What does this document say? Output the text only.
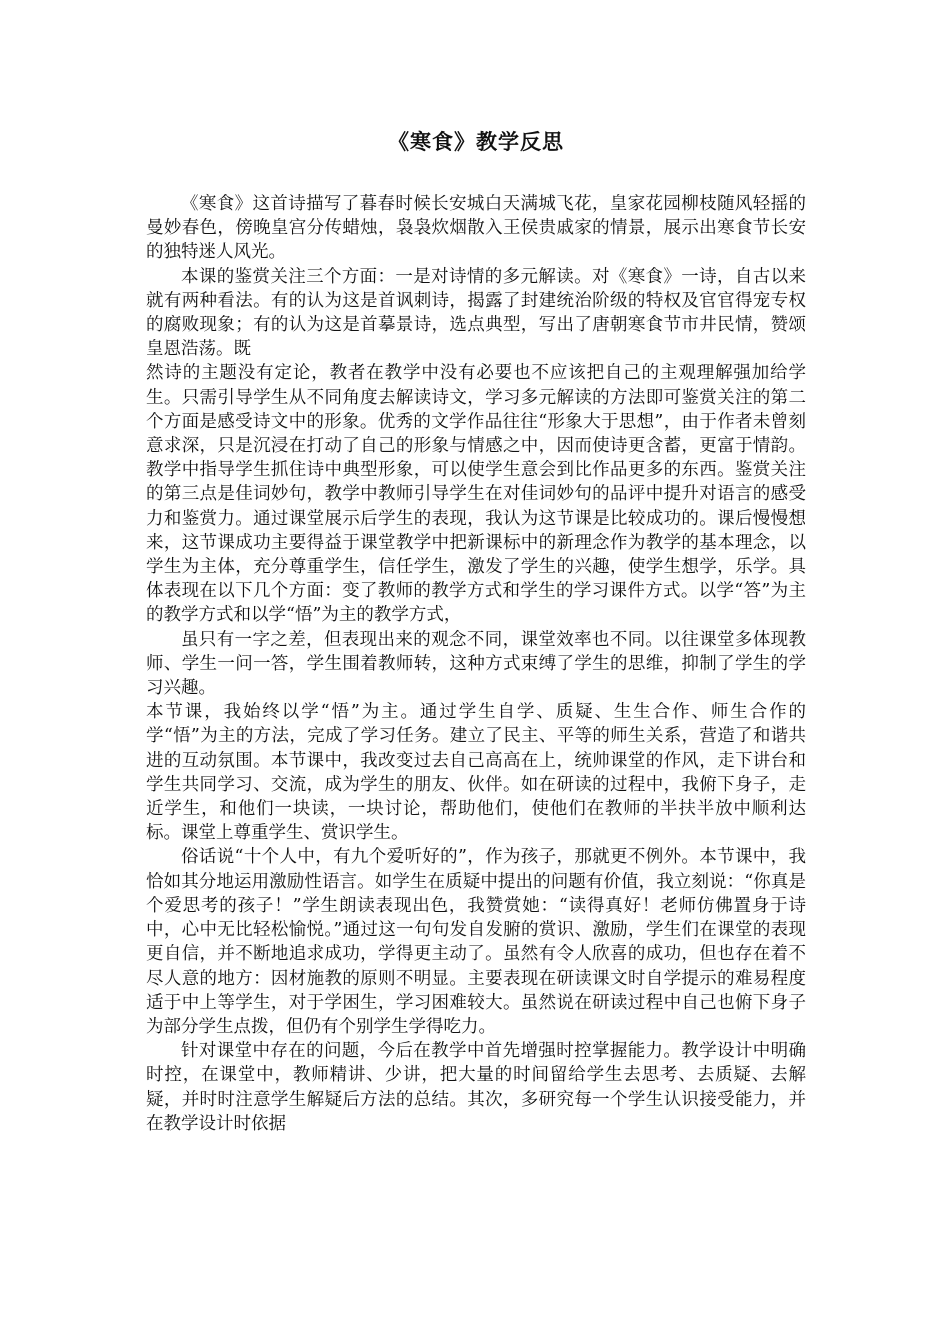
《寒食》教学反思

《寒食》这首诗描写了暮春时候长安城白天满城飞花，皇家花园柳枝随风轻摇的曼妙春色，傍晚皇宫分传蜡烛，袅袅炊烟散入王侯贵戚家的情景，展示出寒食节长安的独特迷人风光。

本课的鉴赏关注三个方面：一是对诗情的多元解读。对《寒食》一诗，自古以来就有两种看法。有的认为这是首讽刺诗，揭露了封建统治阶级的特权及官官得宠专权的腐败现象；有的认为这是首摹景诗，选点典型，写出了唐朝寒食节市井民情，赞颂皇恩浩荡。既

然诗的主题没有定论，教者在教学中没有必要也不应该把自己的主观理解强加给学生。只需引导学生从不同角度去解读诗文，学习多元解读的方法即可鉴赏关注的第二个方面是感受诗文中的形象。优秀的文学作品往往“形象大于思想”，由于作者未曾刻意求深，只是沉浸在打动了自己的形象与情感之中，因而使诗更含蓄，更富于情韵。教学中指导学生抓住诗中典型形象，可以使学生意会到比作品更多的东西。鉴赏关注的第三点是佳词妙句，教学中教师引导学生在对佳词妙句的品评中提升对语言的感受力和鉴赏力。通过课堂展示后学生的表现，我认为这节课是比较成功的。课后慢慢想来，这节课成功主要得益于课堂教学中把新课标中的新理念作为教学的基本理念，以学生为主体，充分尊重学生，信任学生，激发了学生的兴趣，使学生想学，乐学。具体表现在以下几个方面：变了教师的教学方式和学生的学习课件方式。以学“答”为主的教学方式和以学“悟”为主的教学方式，

虽只有一字之差，但表现出来的观念不同，课堂效率也不同。以往课堂多体现教师、学生一问一答，学生围着教师转，这种方式束缚了学生的思维，抑制了学生的学习兴趣。

本节课，我始终以学“悟”为主。通过学生自学、质疑、生生合作、师生合作的学“悟”为主的方法，完成了学习任务。建立了民主、平等的师生关系，营造了和谐共进的互动氛围。本节课中，我改变过去自己高高在上，统帅课堂的作风，走下讲台和学生共同学习、交流，成为学生的朋友、伙伴。如在研读的过程中，我俯下身子，走近学生，和他们一块读，一块讨论，帮助他们，使他们在教师的半扶半放中顺利达标。课堂上尊重学生、赏识学生。

俗话说“十个人中，有九个爱听好的”，作为孩子，那就更不例外。本节课中，我恰如其分地运用激励性语言。如学生在质疑中提出的问题有价值，我立刻说：“你真是个爱思考的孩子！”学生朗读表现出色，我赞赏她：“读得真好！老师仿佛置身于诗中，心中无比轻松愉悦。”通过这一句句发自发腑的赏识、激励，学生们在课堂的表现更自信，并不断地追求成功，学得更主动了。虽然有令人欣喜的成功，但也存在着不尽人意的地方：因材施教的原则不明显。主要表现在研读课文时自学提示的难易程度适于中上等学生，对于学困生，学习困难较大。虽然说在研读过程中自己也俯下身子为部分学生点拨，但仍有个别学生学得吃力。

针对课堂中存在的问题，今后在教学中首先增强时控掌握能力。教学设计中明确时控，在课堂中，教师精讲、少讲，把大量的时间留给学生去思考、去质疑、去解疑，并时时注意学生解疑后方法的总结。其次，多研究每一个学生认识接受能力，并在教学设计时依据
